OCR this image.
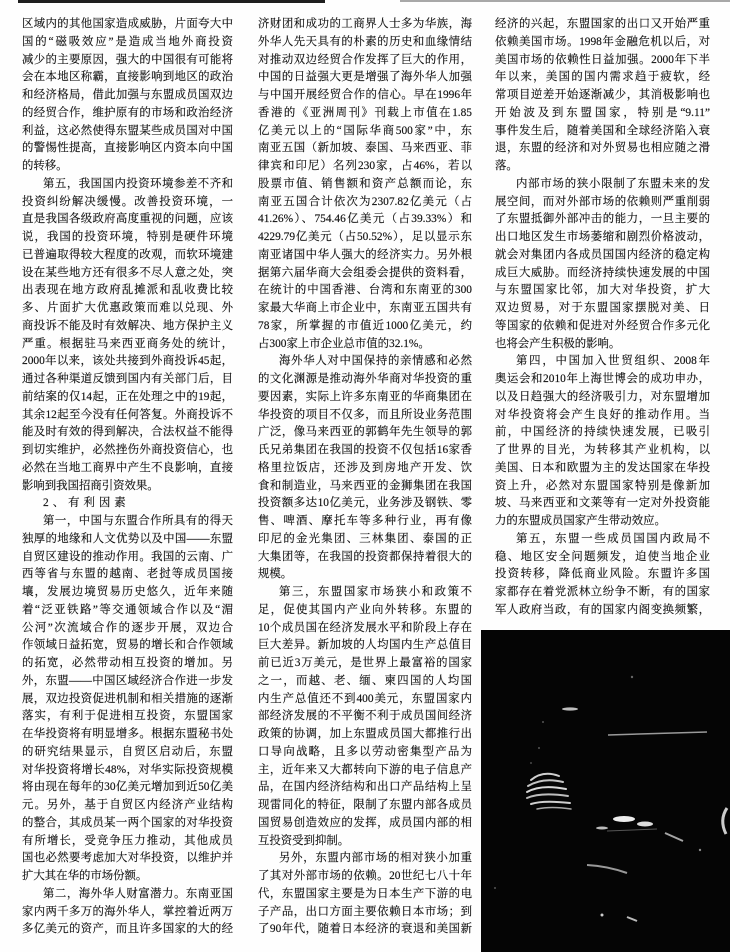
区域内的其他国家造成威胁，片面夸大中
国的“磁吸效应”是造成当地外商投资
减少的主要原因，强大的中国很有可能将
会在本地区称霸，直接影响到地区的政治
和经济格局，借此加强与东盟成员国双边
的经贸合作，维护原有的市场和政治经济
利益，这必然使得东盟某些成员国对中国
的警惕性提高，直接影响区内资本向中国
的转移。
第五，我国国内投资环境参差不齐和
投资纠纷解决缓慢。改善投资环境，一
直是我国各级政府高度重视的问题，应该
说，我国的投资环境，特别是硬件环境
已普遍取得较大程度的改观，而软环境建
设在某些地方还有很多不尽人意之处，突
出表现在地方政府乱摊派和乱收费比较
多、片面扩大优惠政策而难以兑现、外
商投诉不能及时有效解决、地方保护主义
严重。根据驻马来西亚商务处的统计，
2000年以来，该处共接到外商投诉45起，
通过各种渠道反馈到国内有关部门后，目
前结案的仅14起，正在处理之中的19起，
其余12起至今没有任何答复。外商投诉不
能及时有效的得到解决，合法权益不能得
到切实维护，必然挫伤外商投资信心，也
必然在当地工商界中产生不良影响，直接
影响到我国招商引资效果。
2、有利因素
第一，中国与东盟合作所具有的得天
独厚的地缘和人文优势以及中国——东盟
自贸区建设的推动作用。我国的云南、广
西等省与东盟的越南、老挝等成员国接
壤，发展边境贸易历史悠久，近年来随
着“泛亚铁路”等交通领域合作以及“湄
公河”次流域合作的逐步开展，双边合
作领域日益拓宽，贸易的增长和合作领域
的拓宽，必然带动相互投资的增加。另
外，东盟——中国区域经济合作进一步发
展，双边投资促进机制和相关措施的逐渐
落实，有利于促进相互投资，东盟国家
在华投资将有明显增多。根据东盟秘书处
的研究结果显示，自贸区启动后，东盟
对华投资将增长48%，对华实际投资规模
将由现在每年的30亿美元增加到近50亿美
元。另外，基于自贸区内经济产业结构
的整合，其成员某一两个国家的对华投资
有所增长，受竞争压力推动，其他成员
国也必然要考虑加大对华投资，以维护并
扩大其在华的市场份额。
第二，海外华人财富潜力。东南亚国
家内两千多万的海外华人，掌控着近两万
多亿美元的资产，而且许多国家的大的经
济财团和成功的工商界人士多为华族，海
外华人先天具有的朴素的历史和血缘情结
对推动双边经贸合作发挥了巨大的作用，
中国的日益强大更是增强了海外华人加强
与中国开展经贸合作的信心。早在1996年
香港的《亚洲周刊》刊载上市值在1.85
亿美元以上的“国际华商500家”中，东
南亚五国（新加坡、泰国、马来西亚、菲
律宾和印尼）名列230家，占46%，若以
股票市值、销售额和资产总额而论，东
南亚五国合计依次为2307.82亿美元（占
41.26%）、754.46亿美元（占39.33%）和
4229.79亿美元（占50.52%），足以显示东
南亚诸国中华人强大的经济实力。另外根
据第六届华商大会组委会提供的资料看，
在统计的中国香港、台湾和东南亚的300
家最大华商上市企业中，东南亚五国共有
78家，所掌握的市值近1000亿美元，约
占300家上市企业总市值的32.1%。
海外华人对中国保持的亲情感和必然
的文化渊源是推动海外华商对华投资的重
要因素，实际上许多东南亚的华商集团在
华投资的项目不仅多，而且所设业务范围
广泛，像马来西亚的郭鹤年先生领导的郭
氏兄弟集团在我国的投资不仅包括16家香
格里拉饭店，还涉及到房地产开发、饮
食和制造业，马来西亚的金狮集团在我国
投资额多达10亿美元，业务涉及钢铁、零
售、啤酒、摩托车等多种行业，再有像
印尼的金光集团、三林集团、泰国的正
大集团等，在我国的投资都保持着很大的
规模。
第三，东盟国家市场狭小和政策不
足，促使其国内产业向外转移。东盟的
10个成员国在经济发展水平和阶段上存在
巨大差异。新加坡的人均国内生产总值目
前已近3万美元，是世界上最富裕的国家
之一，而越、老、缅、柬四国的人均国
内生产总值还不到400美元，东盟国家内
部经济发展的不平衡不利于成员国间经济
政策的协调，加上东盟成员国大都推行出
口导向战略，且多以劳动密集型产品为
主，近年来又大都转向下游的电子信息产
品，在国内经济结构和出口产品结构上呈
现雷同化的特征，限制了东盟内部各成员
国贸易创造效应的发挥，成员国内部的相
互投资受到抑制。
另外，东盟内部市场的相对狭小加重
了其对外部市场的依赖。20世纪七八十年
代，东盟国家主要是为日本生产下游的电
子产品，出口方面主要依赖日本市场；到
了90年代，随着日本经济的衰退和美国新
经济的兴起，东盟国家的出口又开始严重
依赖美国市场。1998年金融危机以后，对
美国市场的依赖性日益加强。2000年下半
年以来，美国的国内需求趋于疲软，经
常项目逆差开始逐渐减少，其消极影响也
开始波及到东盟国家，特别是“9.11”
事件发生后，随着美国和全球经济陷入衰
退，东盟的经济和对外贸易也相应随之滑
落。
内部市场的狭小限制了东盟未来的发
展空间，而对外部市场的依赖则严重削弱
了东盟抵御外部冲击的能力，一旦主要的
出口地区发生市场萎缩和剧烈价格波动，
就会对集团内各成员国国内经济的稳定构
成巨大威胁。而经济持续快速发展的中国
与东盟国家比邻，加大对华投资，扩大
双边贸易，对于东盟国家摆脱对美、日
等国家的依赖和促进对外经贸合作多元化
也将会产生积极的影响。
第四，中国加入世贸组织、2008年
奥运会和2010年上海世博会的成功申办，
以及日趋强大的经济吸引力，对东盟增加
对华投资将会产生良好的推动作用。当
前，中国经济的持续快速发展，已吸引
了世界的目光，为转移其产业机构，以
美国、日本和欧盟为主的发达国家在华投
资上升，必然对东盟国家特别是像新加
坡、马来西亚和文莱等有一定对外投资能
力的东盟成员国家产生带动效应。
第五，东盟一些成员国国内政局不
稳、地区安全问题频发，迫使当地企业
投资转移，降低商业风险。东盟许多国
家都存在着党派林立纷争不断，有的国家
军人政府当政，有的国家内阁变换频繁，
